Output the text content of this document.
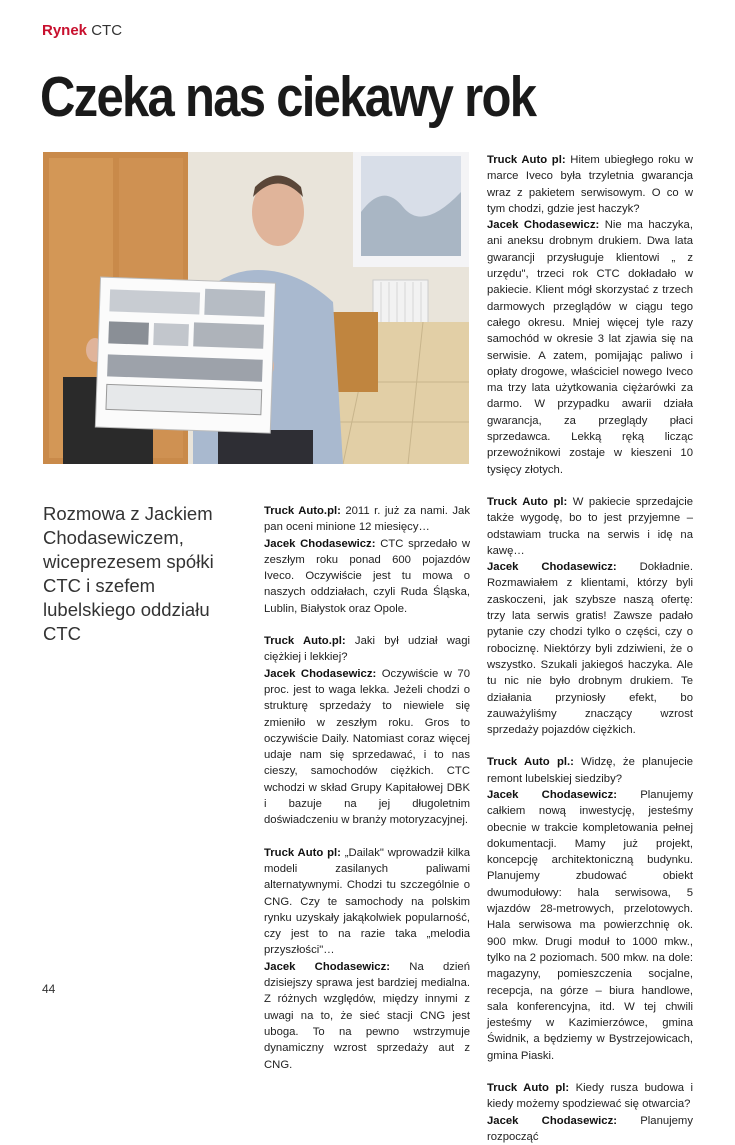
Rynek CTC
Czeka nas ciekawy rok
Rozmowa z Jackiem Chodasewiczem, wiceprezesem spółki CTC i szefem lubelskiego oddziału CTC

Truck Auto.pl: 2011 r. już za nami. Jak pan oceni minione 12 miesięcy…
Jacek Chodasewicz: CTC sprzedało w zeszłym roku ponad 600 pojazdów Iveco. Oczywiście jest tu mowa o naszych oddziałach, czyli Ruda Śląska, Lublin, Białystok oraz Opole.

Truck Auto.pl: Jaki był udział wagi ciężkiej i lekkiej?
Jacek Chodasewicz: Oczywiście w 70 proc. jest to waga lekka. Jeżeli chodzi o strukturę sprzedaży to niewiele się zmieniło w zeszłym roku. Gros to oczywiście Daily. Natomiast coraz więcej udaje nam się sprzedawać, i to nas cieszy, samochodów ciężkich. CTC wchodzi w skład Grupy Kapitałowej DBK i bazuje na jej długoletnim doświadczeniu w branży motoryzacyjnej.

Truck Auto pl: „Dailak" wprowadził kilka modeli zasilanych paliwami alternatywnymi. Chodzi tu szczególnie o CNG. Czy te samochody na polskim rynku uzyskały jakąkolwiek popularność, czy jest to na razie taka „melodia przyszłości"…
Jacek Chodasewicz: Na dzień dzisiejszy sprawa jest bardziej medialna. Z różnych względów, między innymi z uwagi na to, że sieć stacji CNG jest uboga. To na pewno wstrzymuje dynamiczny wzrost sprzedaży aut z CNG.

Truck Auto pl: Hitem ubiegłego roku w marce Iveco była trzyletnia gwarancja wraz z pakietem serwisowym. O co w tym chodzi, gdzie jest haczyk?
Jacek Chodasewicz: Nie ma haczyka, ani aneksu drobnym drukiem. Dwa lata gwarancji przysługuje klientowi „ z urzędu", trzeci rok CTC dokładało w pakiecie. Klient mógł skorzystać z trzech darmowych przeglądów w ciągu tego całego okresu. Mniej więcej tyle razy samochód w okresie 3 lat zjawia się na serwisie. A zatem, pomijając paliwo i opłaty drogowe, właściciel nowego Iveco ma trzy lata użytkowania ciężarówki za darmo. W przypadku awarii działa gwarancja, za przeglądy płaci sprzedawca. Lekką ręką licząc przewoźnikowi zostaje w kieszeni 10 tysięcy złotych.

Truck Auto pl: W pakiecie sprzedajcie także wygodę, bo to jest przyjemne – odstawiam trucka na serwis i idę na kawę…
Jacek Chodasewicz: Dokładnie. Rozmawiałem z klientami, którzy byli zaskoczeni, jak szybsze naszą ofertę: trzy lata serwis gratis! Zawsze padało pytanie czy chodzi tylko o części, czy o robociznę. Niektórzy byli zdziwieni, że o wszystko. Szukali jakiegoś haczyka. Ale tu nic nie było drobnym drukiem. Te działania przyniosły efekt, bo zauważyliśmy znaczący wzrost sprzedaży pojazdów ciężkich.

Truck Auto pl.: Widzę, że planujecie remont lubelskiej siedziby?
Jacek Chodasewicz: Planujemy całkiem nową inwestycję, jesteśmy obecnie w trakcie kompletowania pełnej dokumentacji. Mamy już projekt, koncepcję architektoniczną budynku. Planujemy zbudować obiekt dwumodułowy: hala serwisowa, 5 wjazdów 28-metrowych, przelotowych. Hala serwisowa ma powierzchnię ok. 900 mkw. Drugi moduł to 1000 mkw., tylko na 2 poziomach. 500 mkw. na dole: magazyny, pomieszczenia socjalne, recepcja, na górze – biura handlowe, sala konferencyjna, itd. W tej chwili jesteśmy w Kazimierzówce, gmina Świdnik, a będziemy w Bystrzejowicach, gmina Piaski.

Truck Auto pl: Kiedy rusza budowa i kiedy możemy spodziewać się otwarcia?
Jacek Chodasewicz: Planujemy rozpocząć

44
